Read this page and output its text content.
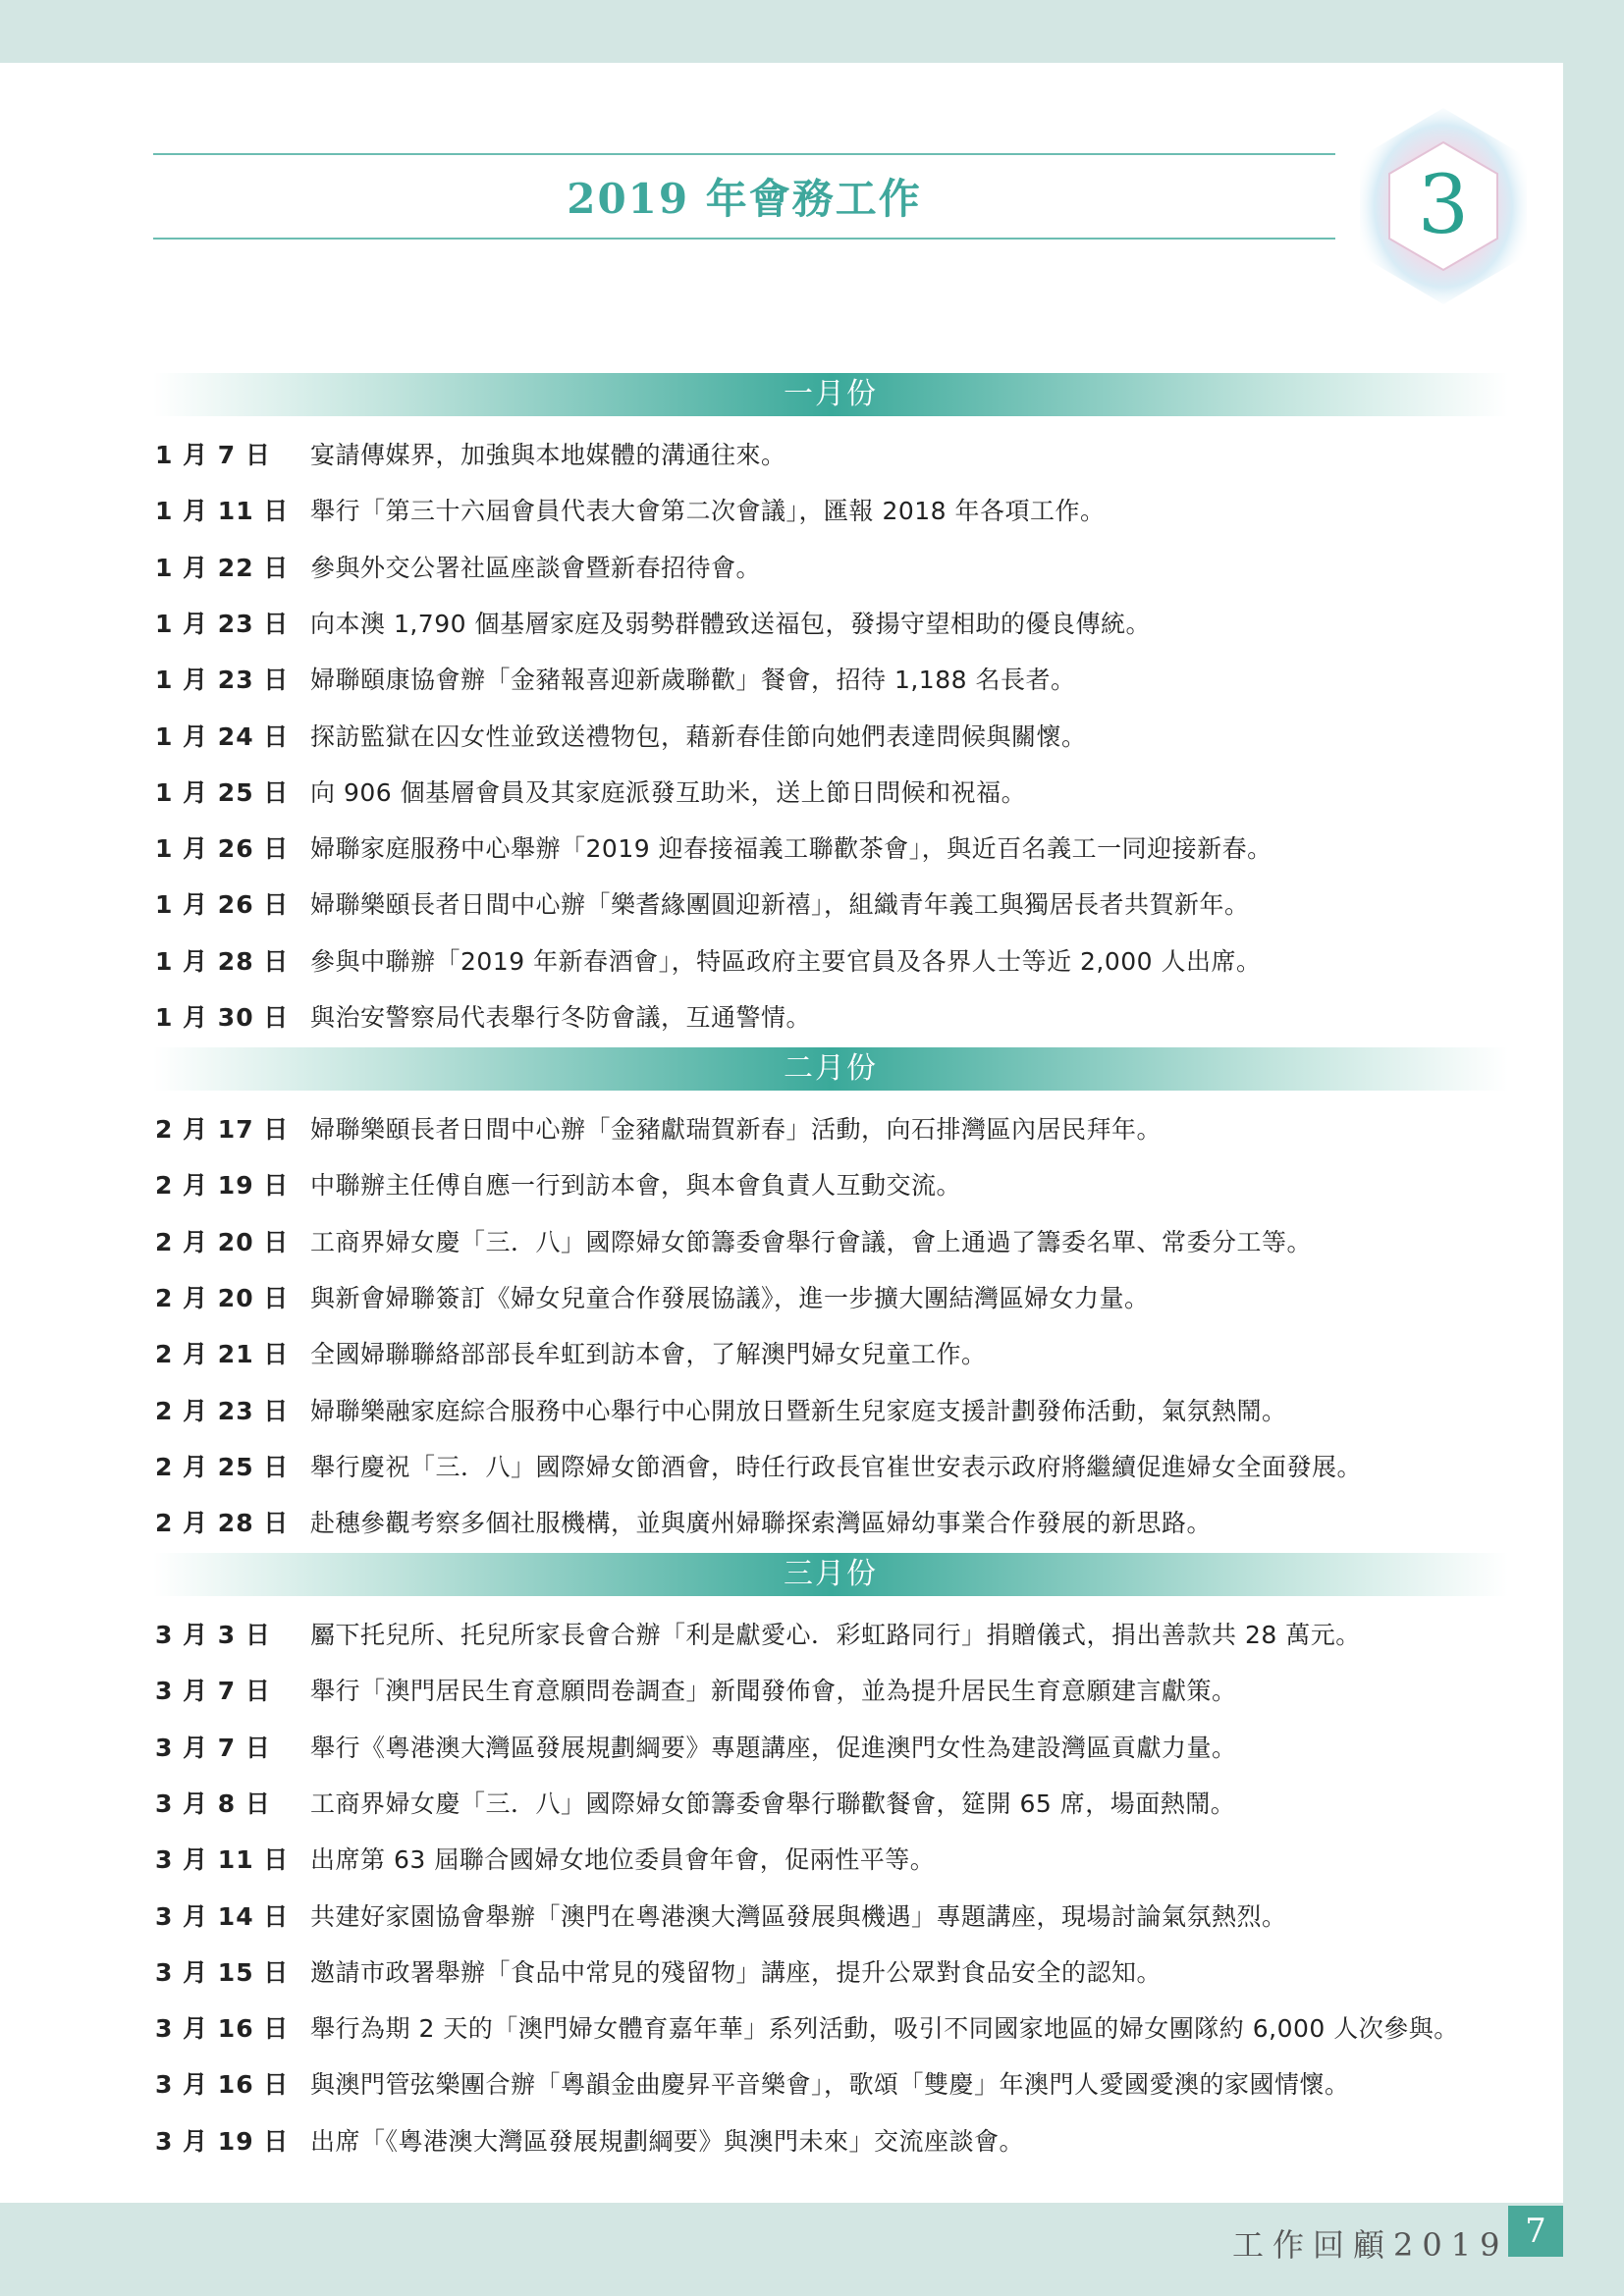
2019 年會務工作	3
一月份
1 月 7 日	宴請傳媒界，加強與本地媒體的溝通往來。
1 月 11 日 舉行「第三十六屆會員代表大會第二次會議」，匯報 2018 年各項工作。
1 月 22 日 參與外交公署社區座談會暨新春招待會。
1 月 23 日 向本澳 1,790 個基層家庭及弱勢群體致送福包，發揚守望相助的優良傳統。
1 月 23 日 婦聯頤康協會辦「金豬報喜迎新歲聯歡」餐會，招待 1,188 名長者。
1 月 24 日 探訪監獄在囚女性並致送禮物包，藉新春佳節向她們表達問候與關懷。
1 月 25 日 向 906 個基層會員及其家庭派發互助米，送上節日問候和祝福。
1 月 26 日 婦聯家庭服務中心舉辦「2019 迎春接福義工聯歡茶會」，與近百名義工一同迎接新春。
1 月 26 日 婦聯樂頤長者日間中心辦「樂耆緣團圓迎新禧」，組織青年義工與獨居長者共賀新年。
1 月 28 日 參與中聯辦「2019 年新春酒會」，特區政府主要官員及各界人士等近 2,000 人出席。
1 月 30 日 與治安警察局代表舉行冬防會議，互通警情。
二月份
2 月 17 日 婦聯樂頤長者日間中心辦「金豬獻瑞賀新春」活動，向石排灣區內居民拜年。
2 月 19 日 中聯辦主任傅自應一行到訪本會，與本會負責人互動交流。
2 月 20 日 工商界婦女慶「三．八」國際婦女節籌委會舉行會議，會上通過了籌委名單、常委分工等。
2 月 20 日 與新會婦聯簽訂《婦女兒童合作發展協議》，進一步擴大團結灣區婦女力量。
2 月 21 日 全國婦聯聯絡部部長牟虹到訪本會，了解澳門婦女兒童工作。
2 月 23 日 婦聯樂融家庭綜合服務中心舉行中心開放日暨新生兒家庭支援計劃發佈活動，氣氛熱鬧。
2 月 25 日 舉行慶祝「三．八」國際婦女節酒會，時任行政長官崔世安表示政府將繼續促進婦女全面發展。
2 月 28 日 赴穗參觀考察多個社服機構，並與廣州婦聯探索灣區婦幼事業合作發展的新思路。
三月份
3 月 3 日	屬下托兒所、托兒所家長會合辦「利是獻愛心．彩虹路同行」捐贈儀式，捐出善款共 28 萬元。
3 月 7 日	舉行「澳門居民生育意願問卷調查」新聞發佈會，並為提升居民生育意願建言獻策。
3 月 7 日	舉行《粵港澳大灣區發展規劃綱要》專題講座，促進澳門女性為建設灣區貢獻力量。
3 月 8 日	工商界婦女慶「三．八」國際婦女節籌委會舉行聯歡餐會，筵開 65 席，場面熱鬧。
3 月 11 日 出席第 63 屆聯合國婦女地位委員會年會，促兩性平等。
3 月 14 日 共建好家園協會舉辦「澳門在粵港澳大灣區發展與機遇」專題講座，現場討論氣氛熱烈。
3 月 15 日 邀請市政署舉辦「食品中常見的殘留物」講座，提升公眾對食品安全的認知。
3 月 16 日 舉行為期 2 天的「澳門婦女體育嘉年華」系列活動，吸引不同國家地區的婦女團隊約 6,000 人次參與。
3 月 16 日 與澳門管弦樂團合辦「粵韻金曲慶昇平音樂會」，歌頌「雙慶」年澳門人愛國愛澳的家國情懷。
3 月 19 日 出席「《粵港澳大灣區發展規劃綱要》與澳門未來」交流座談會。
工作回顧2019 7
